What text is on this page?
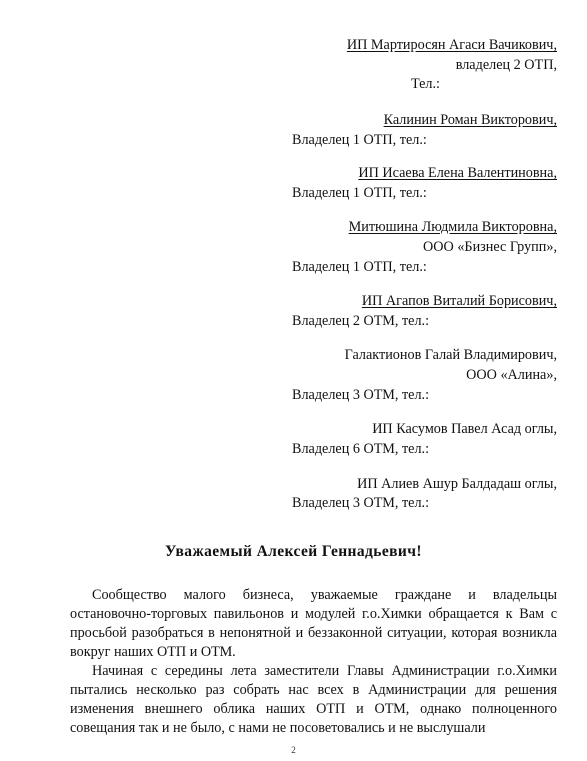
ИП Мартиросян Агаси Вачикович,
владелец 2 ОТП,
Тел.:
Калинин Роман Викторович,
Владелец 1 ОТП, тел.:
ИП Исаева Елена Валентиновна,
Владелец 1 ОТП, тел.:
Митюшина Людмила Викторовна,
ООО «Бизнес Групп»,
Владелец 1 ОТП, тел.:
ИП Агапов Виталий Борисович,
Владелец 2 ОТМ, тел.:
Галактионов Галай Владимирович,
ООО «Алина»,
Владелец 3 ОТМ, тел.:
ИП Касумов Павел Асад оглы,
Владелец 6 ОТМ, тел.:
ИП Алиев Ашур Балдадаш оглы,
Владелец 3 ОТМ, тел.:
Уважаемый Алексей Геннадьевич!

Сообщество малого бизнеса, уважаемые граждане и владельцы остановочно-торговых павильонов и модулей г.о.Химки обращается к Вам с просьбой разобраться в непонятной и беззаконной ситуации, которая возникла вокруг наших ОТП и ОТМ.

Начиная с середины лета заместители Главы Администрации г.о.Химки пытались несколько раз собрать нас всех в Администрации для решения изменения внешнего облика наших ОТП и ОТМ, однако полноценного совещания так и не было, с нами не посоветовались и не выслушали

2
